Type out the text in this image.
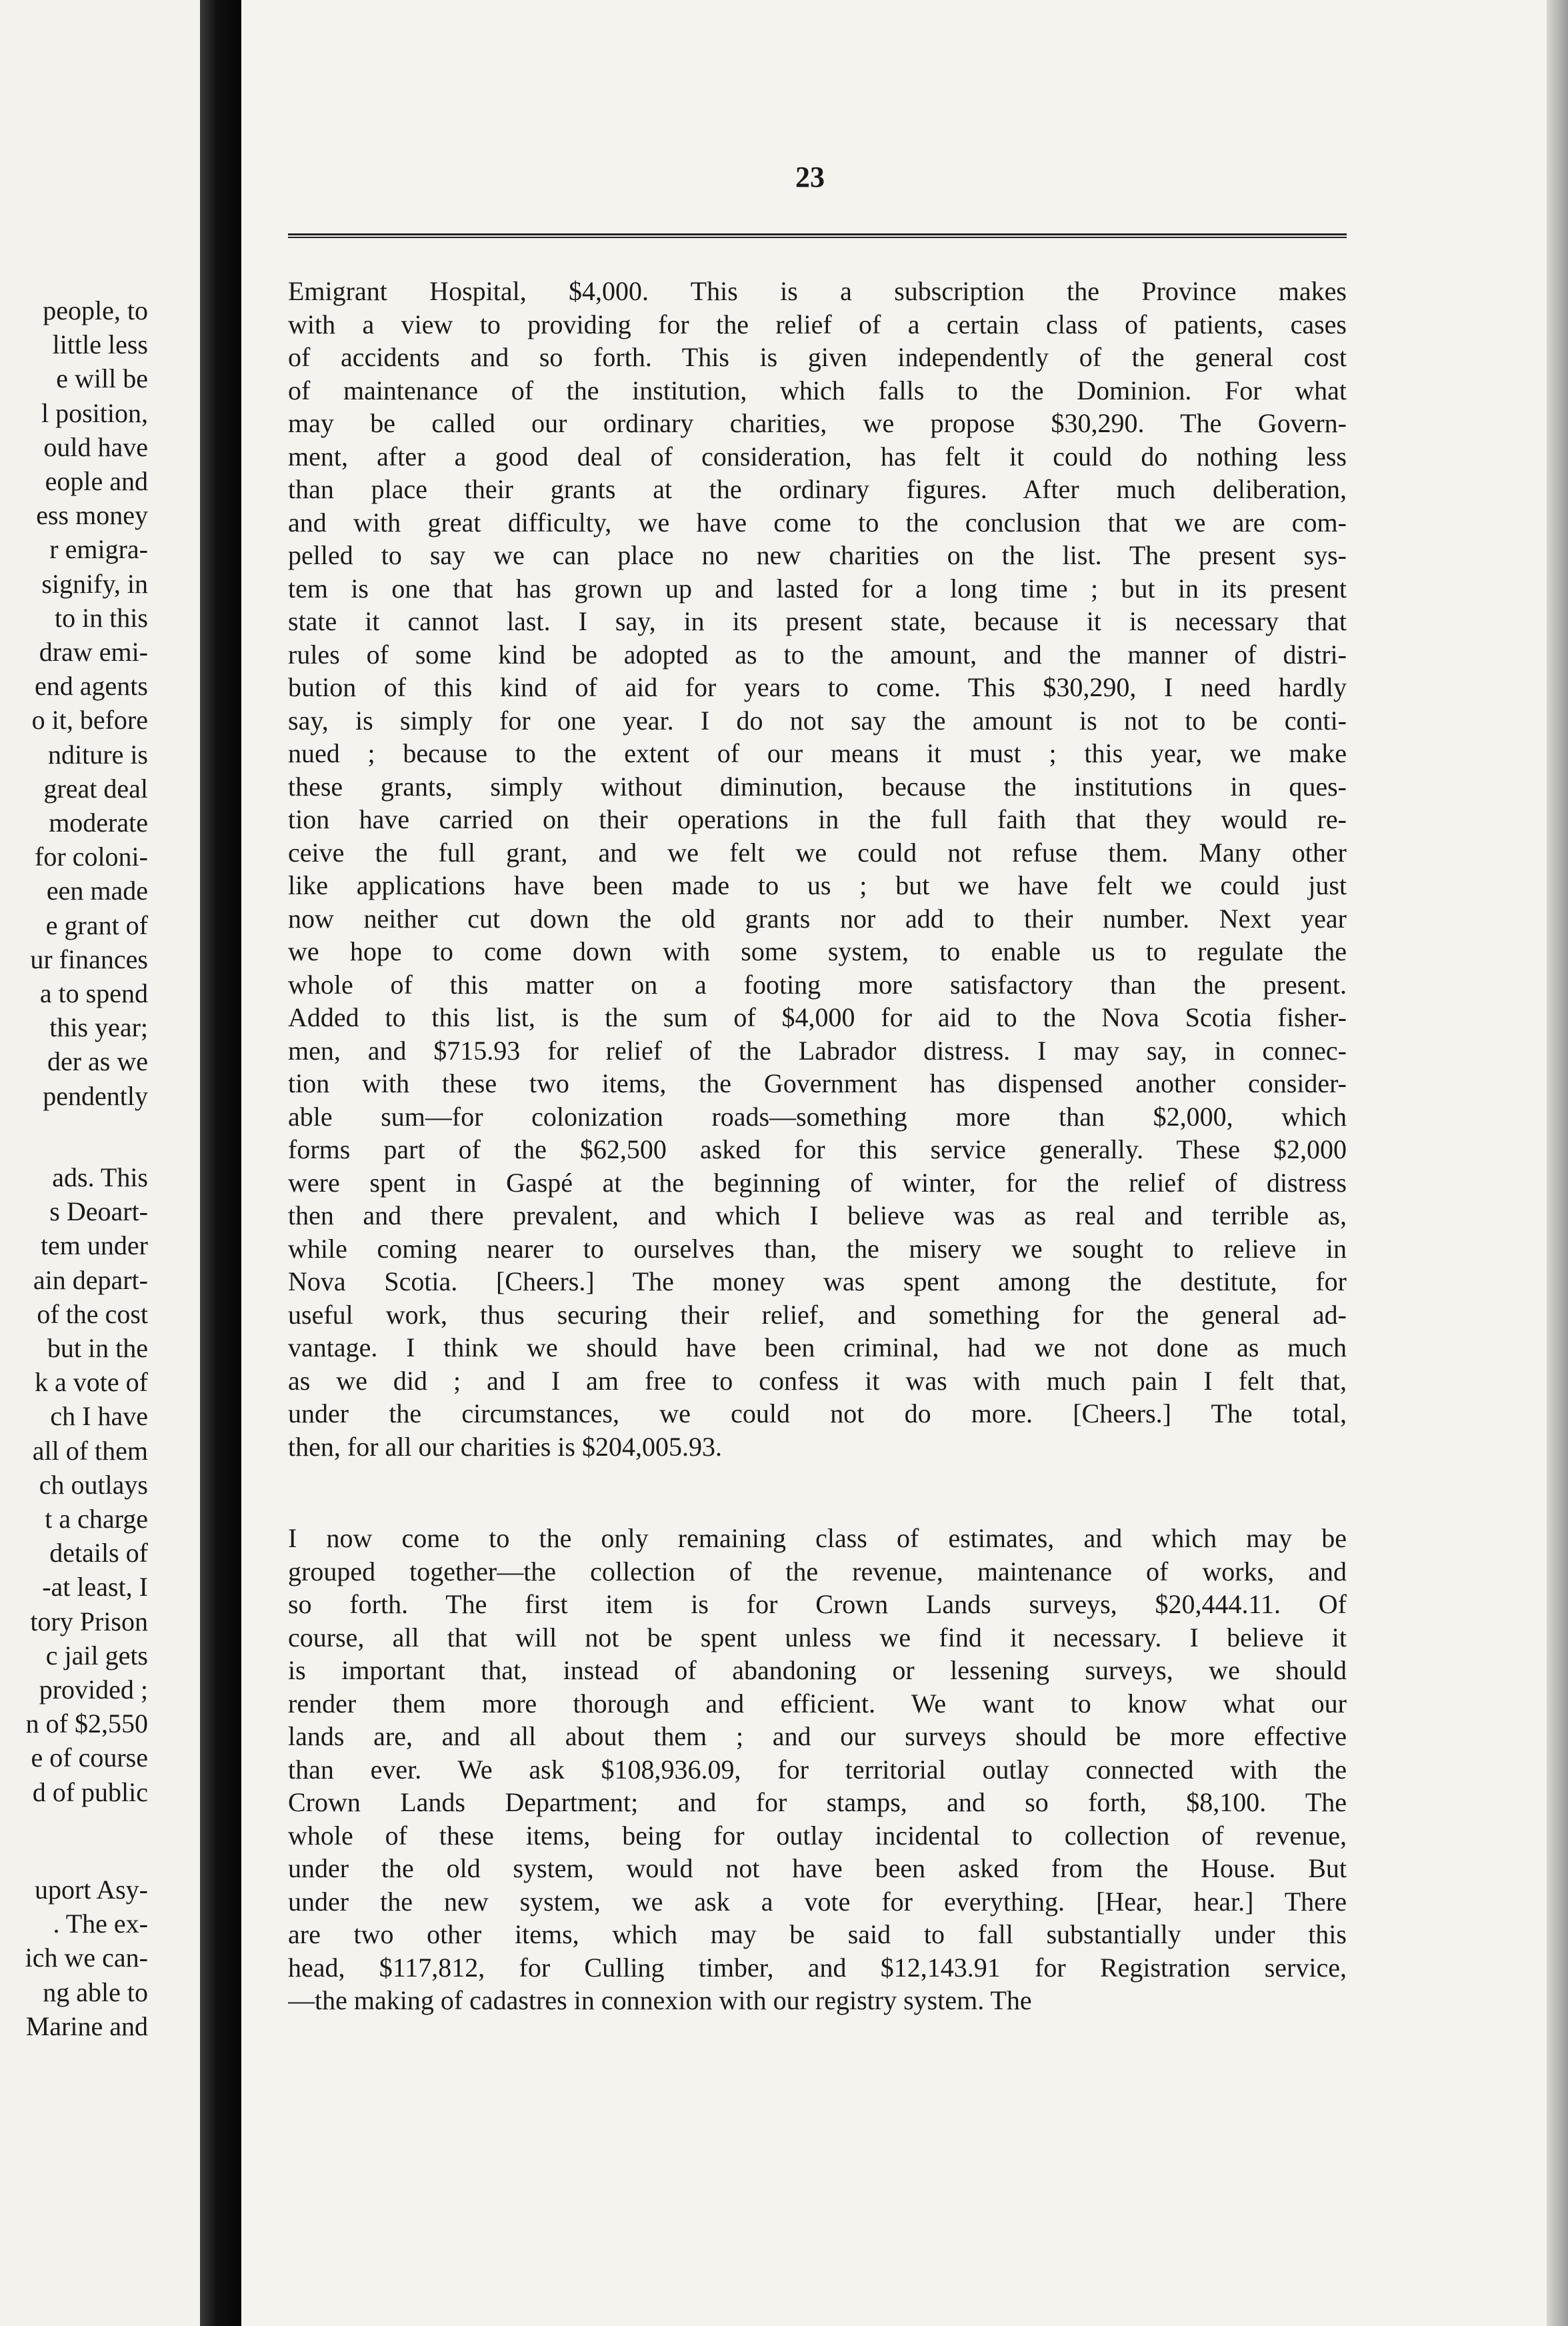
people, to
little less
e will be
l position,
ould have
eople and
ess money
r emigra-
signify, in
to in this
draw emi-
end agents
o it, before
nditure is
great deal
moderate
for coloni-
een made
e grant of
ur finances
a to spend
this year;
der as we
pendently
ads. This
s Deoart-
tem under
ain depart-
of the cost
but in the
k a vote of
ch I have
all of them
ch outlays
t a charge
details of
-at least, I
tory Prison
c jail gets
provided ;
n of $2,550
e of course
d of public
uport Asy-
. The ex-
ich we can-
ng able to
Marine and
23
Emigrant Hospital, $4,000. This is a subscription the Province makes
with a view to providing for the relief of a certain class of patients, cases
of accidents and so forth. This is given independently of the general cost
of maintenance of the institution, which falls to the Dominion. For what
may be called our ordinary charities, we propose $30,290. The Govern-
ment, after a good deal of consideration, has felt it could do nothing less
than place their grants at the ordinary figures. After much deliberation,
and with great difficulty, we have come to the conclusion that we are com-
pelled to say we can place no new charities on the list. The present sys-
tem is one that has grown up and lasted for a long time ; but in its present
state it cannot last. I say, in its present state, because it is necessary that
rules of some kind be adopted as to the amount, and the manner of distri-
bution of this kind of aid for years to come. This $30,290, I need hardly
say, is simply for one year. I do not say the amount is not to be conti-
nued ; because to the extent of our means it must ; this year, we make
these grants, simply without diminution, because the institutions in ques-
tion have carried on their operations in the full faith that they would re-
ceive the full grant, and we felt we could not refuse them. Many other
like applications have been made to us ; but we have felt we could just
now neither cut down the old grants nor add to their number. Next year
we hope to come down with some system, to enable us to regulate the
whole of this matter on a footing more satisfactory than the present.
Added to this list, is the sum of $4,000 for aid to the Nova Scotia fisher-
men, and $715.93 for relief of the Labrador distress. I may say, in connec-
tion with these two items, the Government has dispensed another consider-
able sum—for colonization roads—something more than $2,000, which
forms part of the $62,500 asked for this service generally. These $2,000
were spent in Gaspé at the beginning of winter, for the relief of distress
then and there prevalent, and which I believe was as real and terrible as,
while coming nearer to ourselves than, the misery we sought to relieve in
Nova Scotia. [Cheers.] The money was spent among the destitute, for
useful work, thus securing their relief, and something for the general ad-
vantage. I think we should have been criminal, had we not done as much
as we did ; and I am free to confess it was with much pain I felt that,
under the circumstances, we could not do more. [Cheers.] The total,
then, for all our charities is $204,005.93.
I now come to the only remaining class of estimates, and which may be
grouped together—the collection of the revenue, maintenance of works, and
so forth. The first item is for Crown Lands surveys, $20,444.11. Of
course, all that will not be spent unless we find it necessary. I believe it
is important that, instead of abandoning or lessening surveys, we should
render them more thorough and efficient. We want to know what our
lands are, and all about them ; and our surveys should be more effective
than ever. We ask $108,936.09, for territorial outlay connected with the
Crown Lands Department; and for stamps, and so forth, $8,100. The
whole of these items, being for outlay incidental to collection of revenue,
under the old system, would not have been asked from the House. But
under the new system, we ask a vote for everything. [Hear, hear.] There
are two other items, which may be said to fall substantially under this
head, $117,812, for Culling timber, and $12,143.91 for Registration service,
—the making of cadastres in connexion with our registry system. The
